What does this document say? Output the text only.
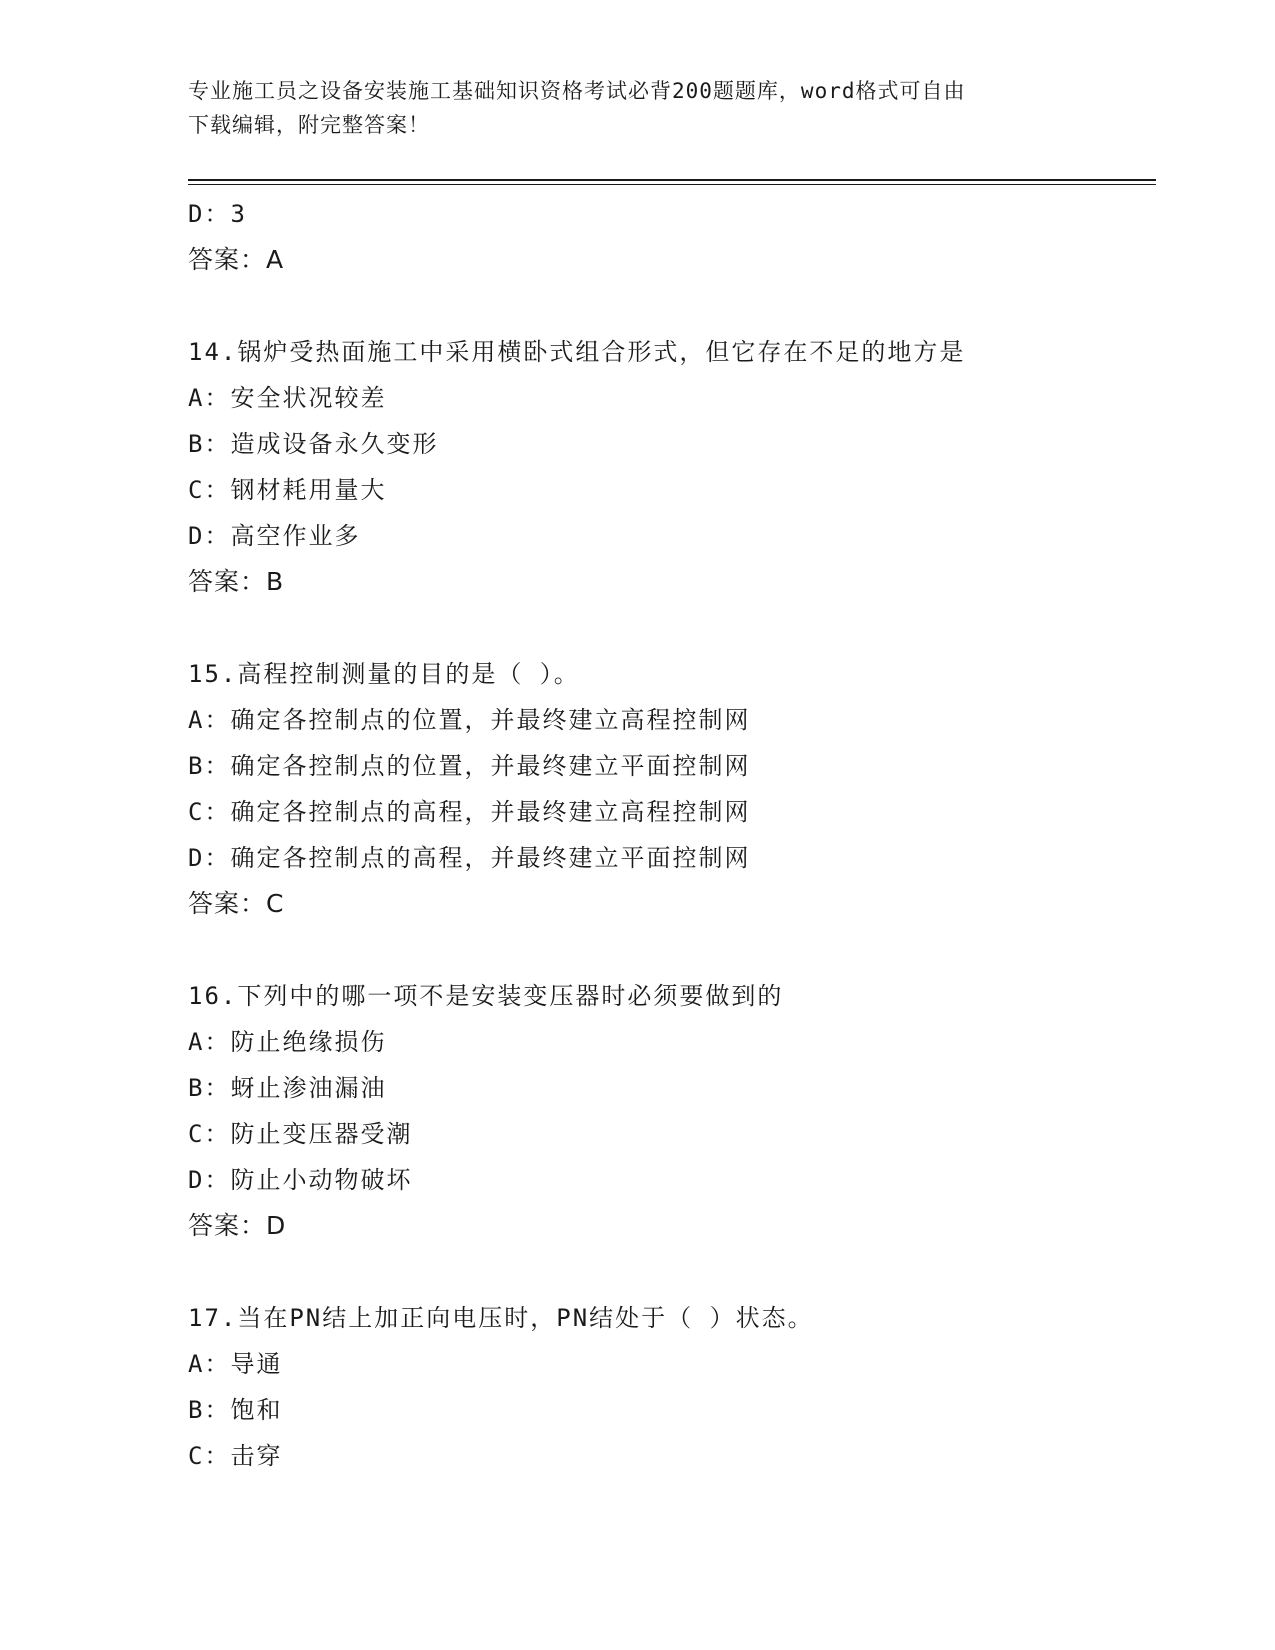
专业施工员之设备安装施工基础知识资格考试必背200题题库，word格式可自由
下载编辑，附完整答案！
D：3
答案：A
14.锅炉受热面施工中采用横卧式组合形式，但它存在不足的地方是
A：安全状况较差
B：造成设备永久变形
C：钢材耗用量大
D：高空作业多
答案：B
15.高程控制测量的目的是（ ）。
A：确定各控制点的位置，并最终建立高程控制网
B：确定各控制点的位置，并最终建立平面控制网
C：确定各控制点的高程，并最终建立高程控制网
D：确定各控制点的高程，并最终建立平面控制网
答案：C
16.下列中的哪一项不是安装变压器时必须要做到的
A：防止绝缘损伤
B：蚜止渗油漏油
C：防止变压器受潮
D：防止小动物破坏
答案：D
17.当在PN结上加正向电压时，PN结处于（ ）状态。
A：导通
B：饱和
C：击穿
